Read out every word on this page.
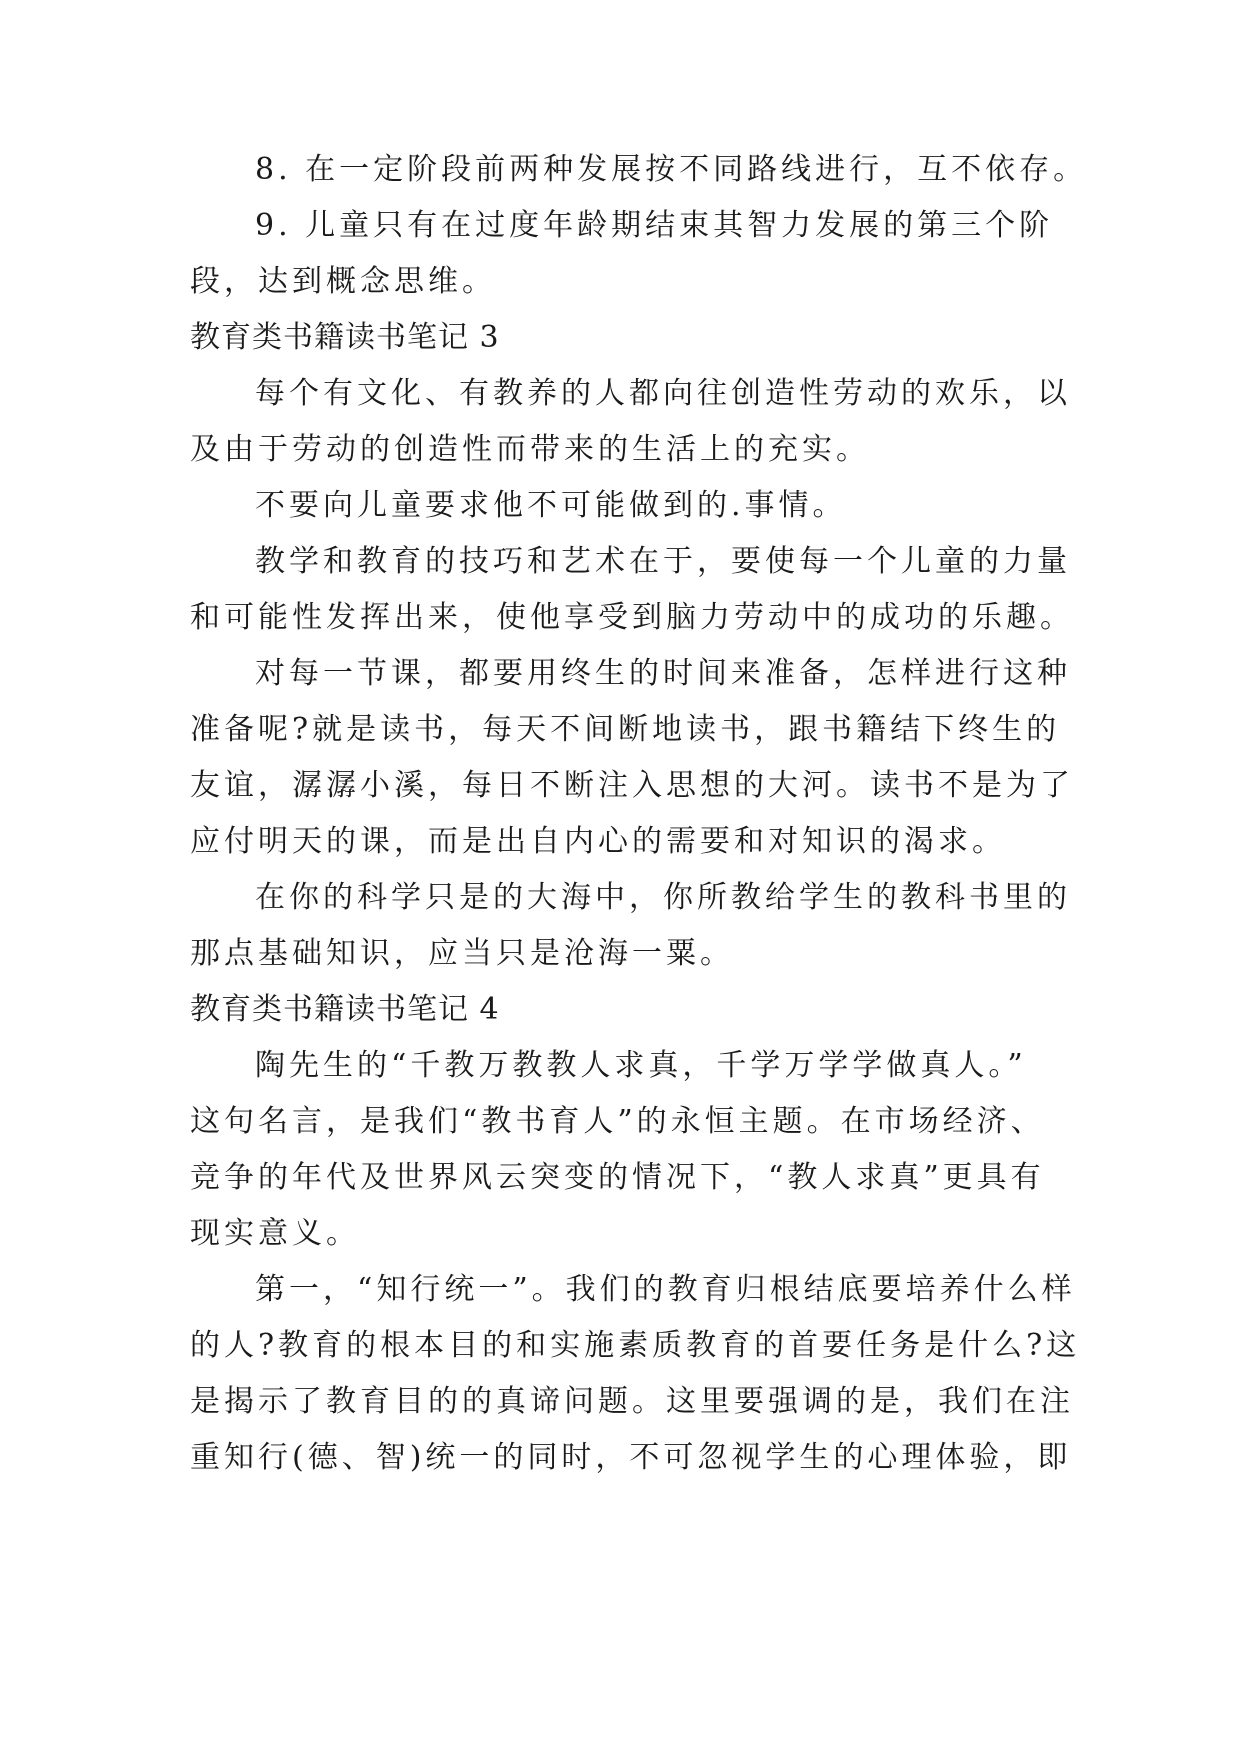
8. 在一定阶段前两种发展按不同路线进行，互不依存。
9. 儿童只有在过度年龄期结束其智力发展的第三个阶
段，达到概念思维。
教育类书籍读书笔记 3
每个有文化、有教养的人都向往创造性劳动的欢乐，以
及由于劳动的创造性而带来的生活上的充实。
不要向儿童要求他不可能做到的.事情。
教学和教育的技巧和艺术在于，要使每一个儿童的力量
和可能性发挥出来，使他享受到脑力劳动中的成功的乐趣。
对每一节课，都要用终生的时间来准备，怎样进行这种
准备呢?就是读书，每天不间断地读书，跟书籍结下终生的
友谊，潺潺小溪，每日不断注入思想的大河。读书不是为了
应付明天的课，而是出自内心的需要和对知识的渴求。
在你的科学只是的大海中，你所教给学生的教科书里的
那点基础知识，应当只是沧海一粟。
教育类书籍读书笔记 4
陶先生的“千教万教教人求真，千学万学学做真人。”
这句名言，是我们“教书育人”的永恒主题。在市场经济、
竞争的年代及世界风云突变的情况下，“教人求真”更具有
现实意义。
第一，“知行统一”。我们的教育归根结底要培养什么样
的人?教育的根本目的和实施素质教育的首要任务是什么?这
是揭示了教育目的的真谛问题。这里要强调的是，我们在注
重知行(德、智)统一的同时，不可忽视学生的心理体验，即
